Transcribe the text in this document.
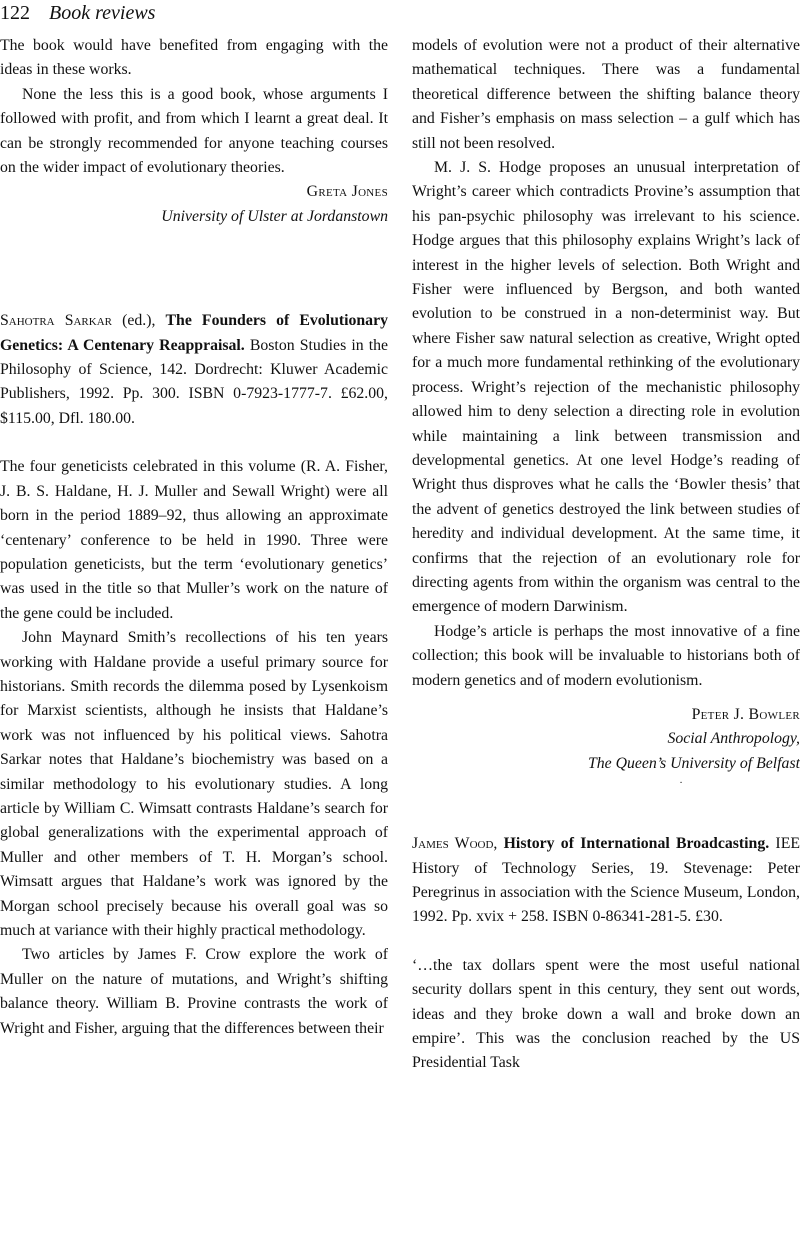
122 Book reviews

The book would have benefited from engaging with the ideas in these works.

None the less this is a good book, whose arguments I followed with profit, and from which I learnt a great deal. It can be strongly recommended for anyone teaching courses on the wider impact of evolutionary theories.

Greta Jones

University of Ulster at Jordanstown

Sahotra Sarkar (ed.), The Founders of Evolutionary Genetics: A Centenary Reappraisal. Boston Studies in the Philosophy of Science, 142. Dordrecht: Kluwer Academic Publishers, 1992. Pp. 300. ISBN 0-7923-1777-7. £62.00, $115.00, Dfl. 180.00.

The four geneticists celebrated in this volume (R. A. Fisher, J. B. S. Haldane, H. J. Muller and Sewall Wright) were all born in the period 1889–92, thus allowing an approximate ‘centenary’ conference to be held in 1990. Three were population geneticists, but the term ‘evolutionary genetics’ was used in the title so that Muller’s work on the nature of the gene could be included.

John Maynard Smith’s recollections of his ten years working with Haldane provide a useful primary source for historians. Smith records the dilemma posed by Lysenkoism for Marxist scientists, although he insists that Haldane’s work was not influenced by his political views. Sahotra Sarkar notes that Haldane’s biochemistry was based on a similar methodology to his evolutionary studies. A long article by William C. Wimsatt contrasts Haldane’s search for global generalizations with the experimental approach of Muller and other members of T. H. Morgan’s school. Wimsatt argues that Haldane’s work was ignored by the Morgan school precisely because his overall goal was so much at variance with their highly practical methodology.

Two articles by James F. Crow explore the work of Muller on the nature of mutations, and Wright’s shifting balance theory. William B. Provine contrasts the work of Wright and Fisher, arguing that the differences between their

models of evolution were not a product of their alternative mathematical techniques. There was a fundamental theoretical difference between the shifting balance theory and Fisher’s emphasis on mass selection – a gulf which has still not been resolved.

M. J. S. Hodge proposes an unusual interpretation of Wright’s career which contradicts Provine’s assumption that his pan-psychic philosophy was irrelevant to his science. Hodge argues that this philosophy explains Wright’s lack of interest in the higher levels of selection. Both Wright and Fisher were influenced by Bergson, and both wanted evolution to be construed in a non-determinist way. But where Fisher saw natural selection as creative, Wright opted for a much more fundamental rethinking of the evolutionary process. Wright’s rejection of the mechanistic philosophy allowed him to deny selection a directing role in evolution while maintaining a link between transmission and developmental genetics. At one level Hodge’s reading of Wright thus disproves what he calls the ‘Bowler thesis’ that the advent of genetics destroyed the link between studies of heredity and individual development. At the same time, it confirms that the rejection of an evolutionary role for directing agents from within the organism was central to the emergence of modern Darwinism.

Hodge’s article is perhaps the most innovative of a fine collection; this book will be invaluable to historians both of modern genetics and of modern evolutionism.

Peter J. Bowler

Social Anthropology,

The Queen’s University of Belfast

·

James Wood, History of International Broadcasting. IEE History of Technology Series, 19. Stevenage: Peter Peregrinus in association with the Science Museum, London, 1992. Pp. xvix + 258. ISBN 0-86341-281-5. £30.

‘…the tax dollars spent were the most useful national security dollars spent in this century, they sent out words, ideas and they broke down a wall and broke down an empire’. This was the conclusion reached by the US Presidential Task
